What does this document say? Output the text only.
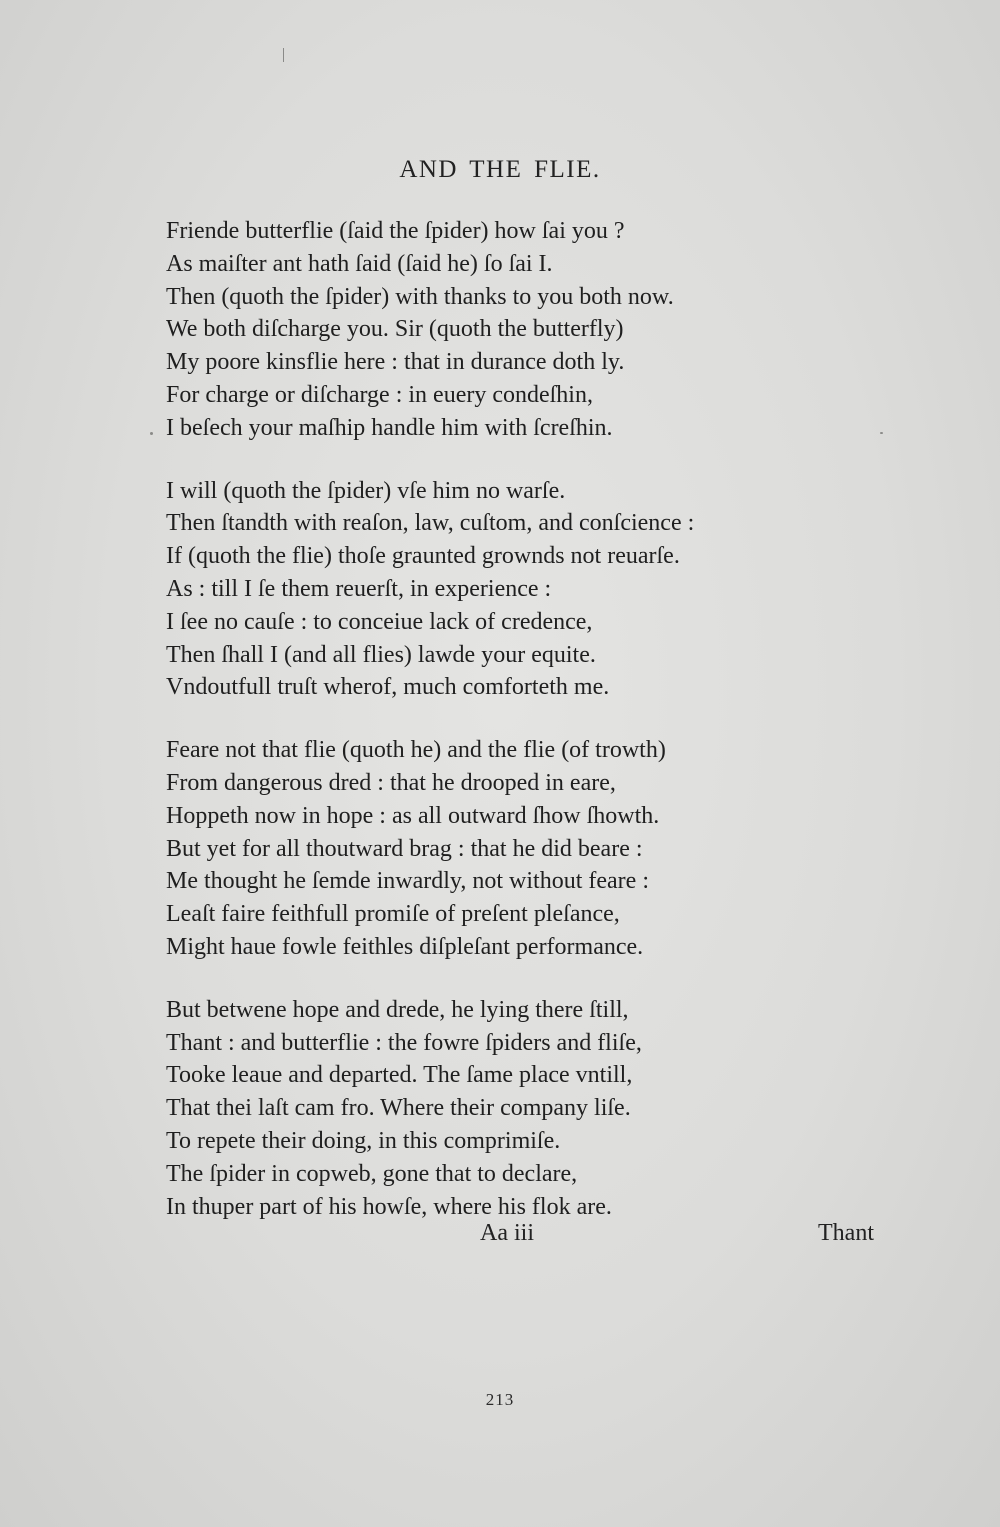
AND THE FLIE.
Friende butterflie (ſaid the ſpider) how ſai you ?
As maiſter ant hath ſaid (ſaid he) ſo ſai I.
Then (quoth the ſpider) with thanks to you both now.
We both diſcharge you. Sir (quoth the butterfly)
My poore kinsflie here : that in durance doth ly.
For charge or diſcharge : in euery condeſhin,
I beſech your maſhip handle him with ſcreſhin.
I will (quoth the ſpider) vſe him no warſe.
Then ſtandth with reaſon, law, cuſtom, and conſcience :
If (quoth the flie) thoſe graunted grownds not reuarſe.
As : till I ſe them reuerſt, in experience :
I ſee no cauſe : to conceiue lack of credence,
Then ſhall I (and all flies) lawde your equite.
Vndoutfull truſt wherof, much comforteth me.
Feare not that flie (quoth he) and the flie (of trowth)
From dangerous dred : that he drooped in eare,
Hoppeth now in hope : as all outward ſhow ſhowth.
But yet for all thoutward brag : that he did beare :
Me thought he ſemde inwardly, not without feare :
Leaſt faire feithfull promiſe of preſent pleſance,
Might haue fowle feithles diſpleſant performance.
But betwene hope and drede, he lying there ſtill,
Thant : and butterflie : the fowre ſpiders and fliſe,
Tooke leaue and departed. The ſame place vntill,
That thei laſt cam fro. Where their company liſe.
To repete their doing, in this comprimiſe.
The ſpider in copweb, gone that to declare,
In thuper part of his howſe, where his flok are.
Aa iii	Thant
213
